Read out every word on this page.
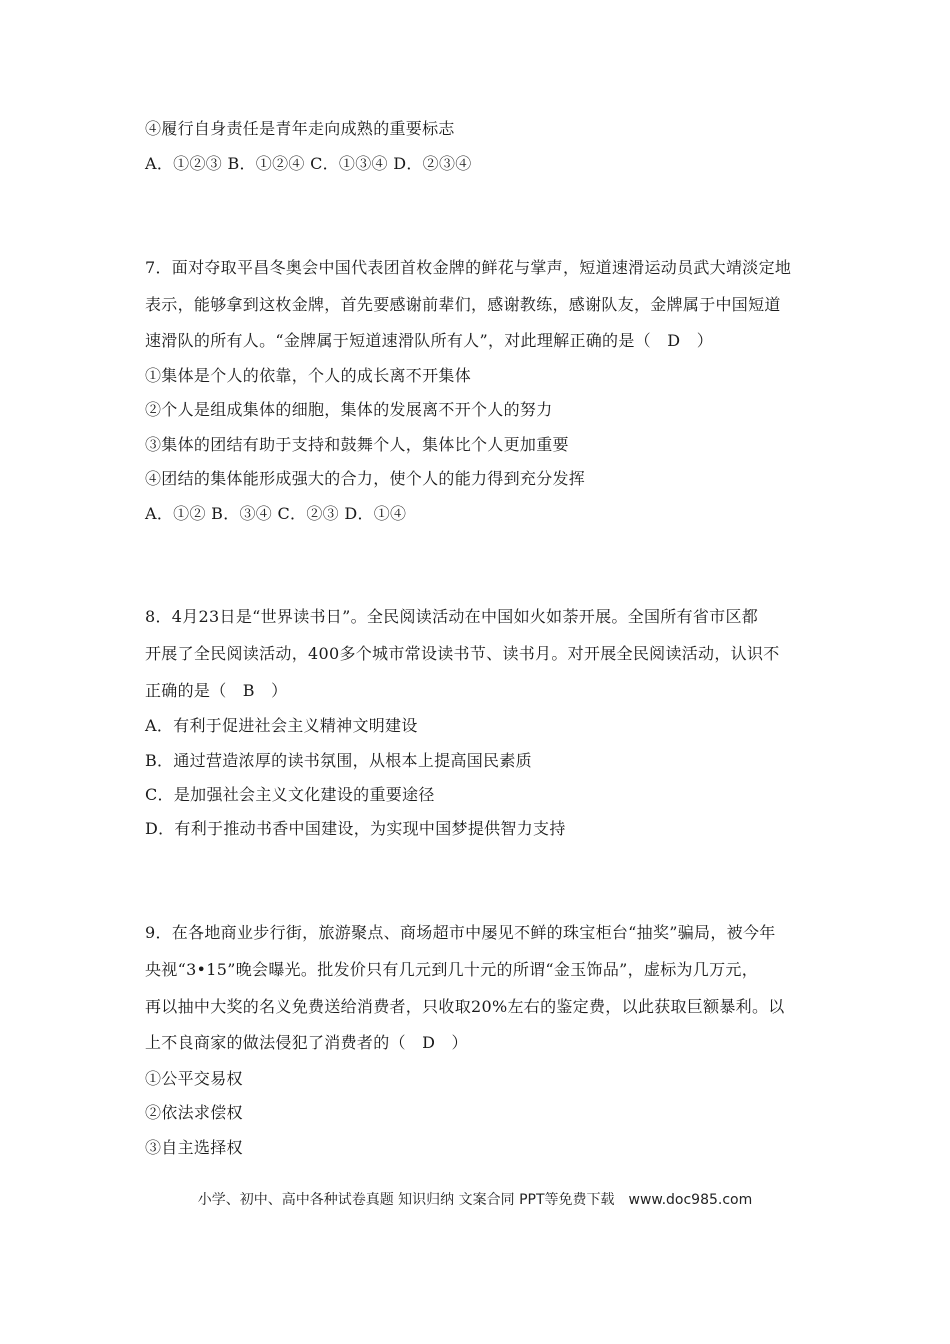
④履行自身责任是青年走向成熟的重要标志
A．①②③ B．①②④ C．①③④ D．②③④
7．面对夺取平昌冬奥会中国代表团首枚金牌的鲜花与掌声，短道速滑运动员武大靖淡定地
表示，能够拿到这枚金牌，首先要感谢前辈们，感谢教练，感谢队友，金牌属于中国短道
速滑队的所有人。“金牌属于短道速滑队所有人”，对此理解正确的是（　D　）
①集体是个人的依靠，个人的成长离不开集体
②个人是组成集体的细胞，集体的发展离不开个人的努力
③集体的团结有助于支持和鼓舞个人，集体比个人更加重要
④团结的集体能形成强大的合力，使个人的能力得到充分发挥
A．①② B．③④ C．②③ D．①④
8．4月23日是“世界读书日”。全民阅读活动在中国如火如荼开展。全国所有省市区都
开展了全民阅读活动，400多个城市常设读书节、读书月。对开展全民阅读活动，认识不
正确的是（　B　）
A．有利于促进社会主义精神文明建设
B．通过营造浓厚的读书氛围，从根本上提高国民素质
C．是加强社会主义文化建设的重要途径
D．有利于推动书香中国建设，为实现中国梦提供智力支持
9．在各地商业步行街，旅游聚点、商场超市中屡见不鲜的珠宝柜台“抽奖”骗局，被今年
央视“3•15”晚会曝光。批发价只有几元到几十元的所谓“金玉饰品”，虚标为几万元，
再以抽中大奖的名义免费送给消费者，只收取20%左右的鉴定费，以此获取巨额暴利。以
上不良商家的做法侵犯了消费者的（　D　）
①公平交易权
②依法求偿权
③自主选择权
小学、初中、高中各种试卷真题 知识归纳 文案合同 PPT等免费下载　www.doc985.com
